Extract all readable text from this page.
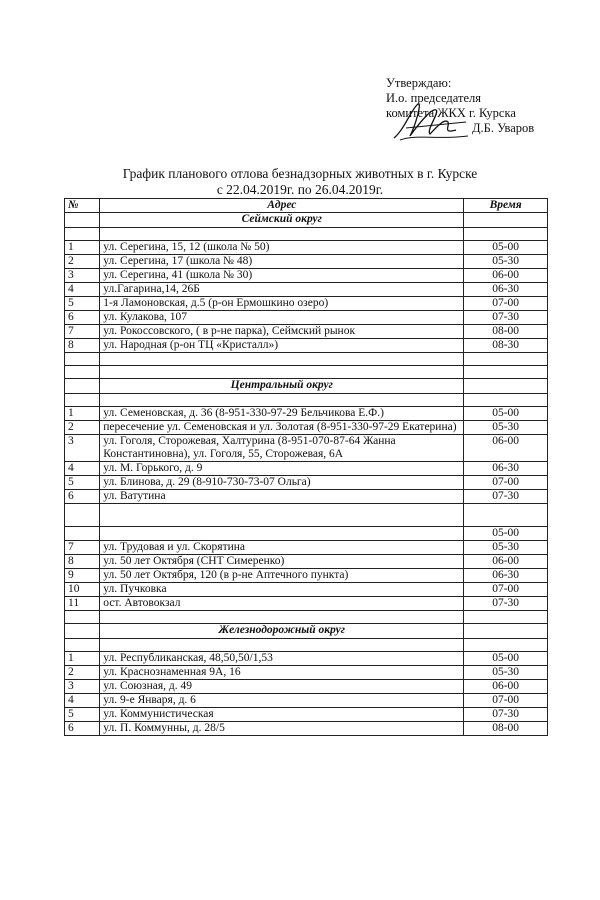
Утверждаю:
И.о. председателя
комитета ЖКХ г. Курска
Д.Б. Уваров
График планового отлова безнадзорных животных в г. Курске
с 22.04.2019г. по 26.04.2019г.
№	Адрес	Время
	Сеймский округ	

1	ул. Серегина, 15, 12 (школа № 50)	05-00
2	ул. Серегина, 17 (школа № 48)	05-30
3	ул. Серегина, 41 (школа № 30)	06-00
4	ул.Гагарина,14, 26Б	06-30
5	1-я Ламоновская, д.5 (р-он Ермошкино озеро)	07-00
6	ул. Кулакова, 107	07-30
7	ул. Рокоссовского, ( в р-не парка), Сеймский рынок	08-00
8	ул. Народная (р-он ТЦ «Кристалл»)	08-30

	Центральный округ	

1	ул. Семеновская, д. 36 (8-951-330-97-29 Бельчикова Е.Ф.)	05-00
2	пересечение ул. Семеновская и ул. Золотая (8-951-330-97-29 Екатерина)	05-30
3	ул. Гоголя, Сторожевая, Халтурина (8-951-070-87-64 Жанна Константиновна), ул. Гоголя, 55, Сторожевая, 6А	06-00
4	ул. М. Горького, д. 9	06-30
5	ул. Блинова, д. 29 (8-910-730-73-07 Ольга)	07-00
6	ул. Ватутина	07-30

		05-00
7	ул. Трудовая и ул. Скорятина	05-30
8	ул. 50 лет Октября (СНТ Симеренко)	06-00
9	ул. 50 лет Октября, 120 (в р-не Аптечного пункта)	06-30
10	ул. Пучковка	07-00
11	ост. Автовокзал	07-30

	Железнодорожный округ	

1	ул. Республиканская, 48,50,50/1,53	05-00
2	ул. Краснознаменная 9А, 16	05-30
3	ул. Союзная, д. 49	06-00
4	ул. 9-е Января, д. 6	07-00
5	ул. Коммунистическая	07-30
6	ул. П. Коммунны, д. 28/5	08-00
